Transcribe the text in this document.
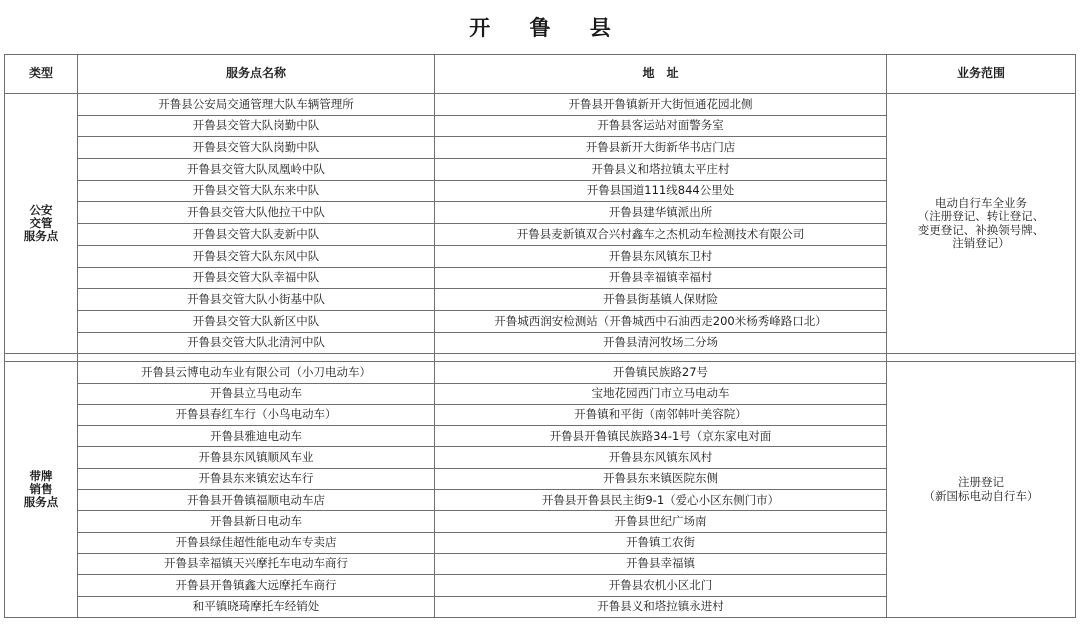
开 鲁 县
类型	服务点名称	地　址	业务范围

公安
交管
服务点	开鲁县公安局交通管理大队车辆管理所	开鲁县开鲁镇新开大街恒通花园北侧	电动自行车全业务
（注册登记、转让登记、
变更登记、补换领号牌、
注销登记）

	开鲁县交管大队岗勤中队	开鲁县客运站对面警务室	
	开鲁县交管大队岗勤中队	开鲁县新开大街新华书店门店	
	开鲁县交管大队凤凰岭中队	开鲁县义和塔拉镇太平庄村	
	开鲁县交管大队东来中队	开鲁县国道111线844公里处	
	开鲁县交管大队他拉干中队	开鲁县建华镇派出所	
	开鲁县交管大队麦新中队	开鲁县麦新镇双合兴村鑫车之杰机动车检测技术有限公司	
	开鲁县交管大队东风中队	开鲁县东风镇东卫村	
	开鲁县交管大队幸福中队	开鲁县幸福镇幸福村	
	开鲁县交管大队小街基中队	开鲁县街基镇人保财险	
	开鲁县交管大队新区中队	开鲁城西润安检测站（开鲁城西中石油西走200米杨秀峰路口北）	
	开鲁县交管大队北清河中队	开鲁县清河牧场二分场	

带牌
销售
服务点	开鲁县云博电动车业有限公司（小刀电动车）	开鲁镇民族路27号	注册登记
（新国标电动自行车）

	开鲁县立马电动车	宝地花园西门市立马电动车	
	开鲁县春红车行（小鸟电动车）	开鲁镇和平街（南邻韩叶美容院）	
	开鲁县雅迪电动车	开鲁县开鲁镇民族路34-1号（京东家电对面	
	开鲁县东风镇顺风车业	开鲁县东风镇东风村	
	开鲁县东来镇宏达车行	开鲁县东来镇医院东侧	
	开鲁县开鲁镇福顺电动车店	开鲁县开鲁县民主街9-1（爱心小区东侧门市）	
	开鲁县新日电动车	开鲁县世纪广场南	
	开鲁县绿佳超性能电动车专卖店	开鲁镇工农街	
	开鲁县幸福镇天兴摩托车电动车商行	开鲁县幸福镇	
	开鲁县开鲁镇鑫大远摩托车商行	开鲁县农机小区北门	
	和平镇晓琦摩托车经销处	开鲁县义和塔拉镇永进村	
